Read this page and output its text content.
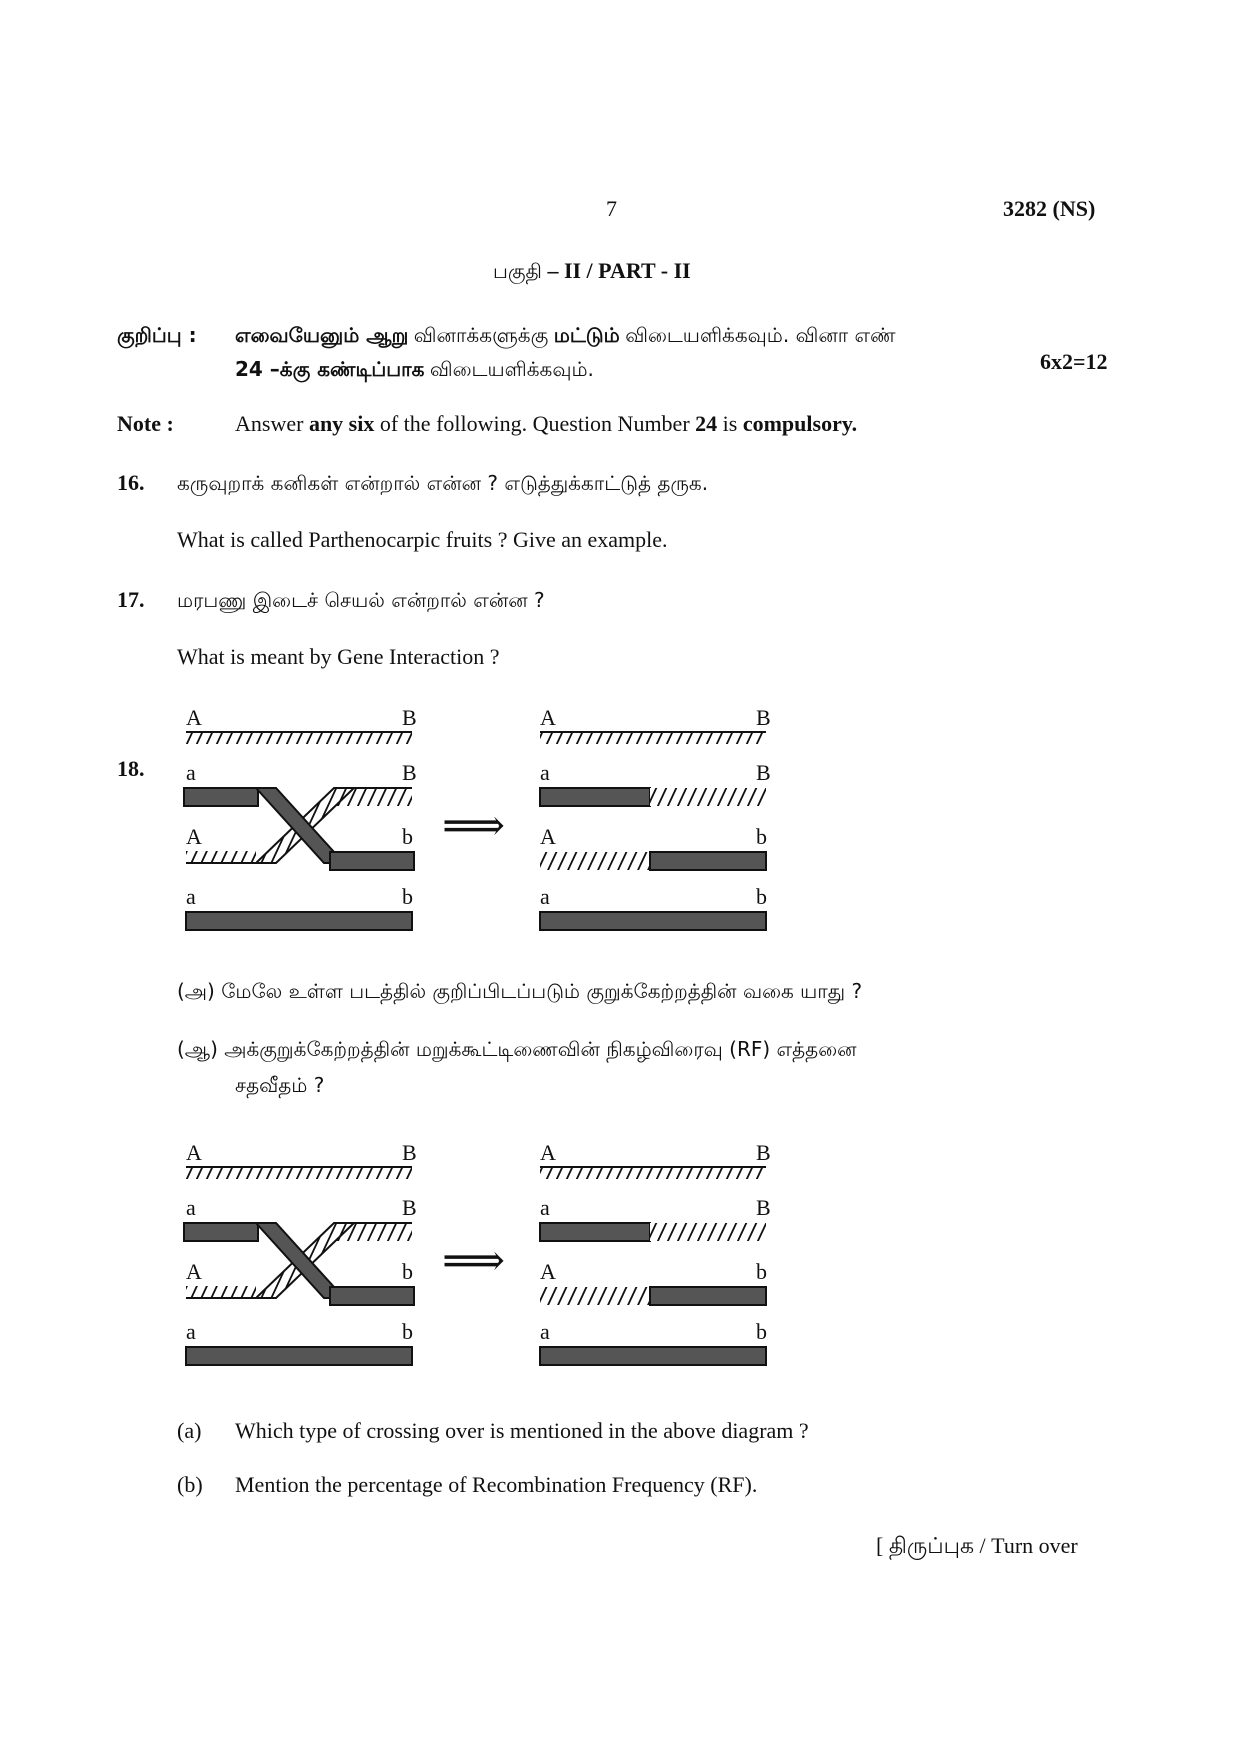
7	3282 (NS)
பகுதி – II / PART - II
குறிப்பு : எவையேனும் ஆறு வினாக்களுக்கு மட்டும் விடையளிக்கவும். வினா எண்
24 –க்கு கண்டிப்பாக விடையளிக்கவும்.	6x2=12
Note :	Answer any six of the following. Question Number 24 is compulsory.
16. கருவுறாக் கனிகள் என்றால் என்ன ? எடுத்துக்காட்டுத் தருக.
What is called Parthenocarpic fruits ? Give an example.
17. மரபணு இடைச் செயல் என்றால் என்ன ?
What is meant by Gene Interaction ?
18.
A	B
a	B
A	b
a	b
⟹
A	B
a	B
A	b
a	b
(அ) மேலே உள்ள படத்தில் குறிப்பிடப்படும் குறுக்கேற்றத்தின் வகை யாது ?
(ஆ) அக்குறுக்கேற்றத்தின் மறுக்கூட்டிணைவின் நிகழ்விரைவு (RF) எத்தனை
சதவீதம் ?
A	B
a	B
A	b
a	b
⟹
A	B
a	B
A	b
a	b
(a) Which type of crossing over is mentioned in the above diagram ?
(b) Mention the percentage of Recombination Frequency (RF).
[ திருப்புக / Turn over
